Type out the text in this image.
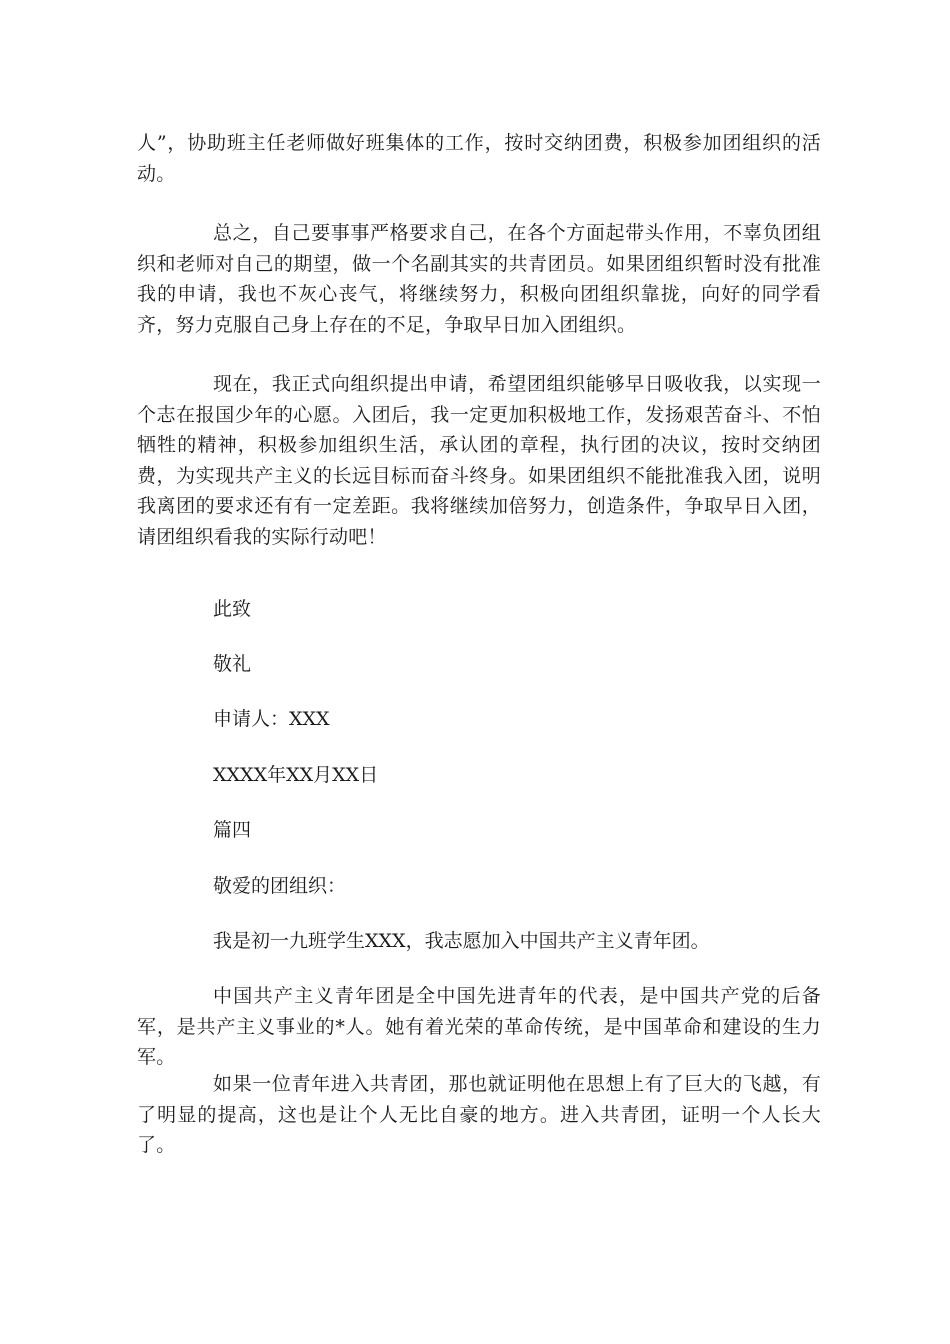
人”，协助班主任老师做好班集体的工作，按时交纳团费，积极参加团组织的活动。

总之，自己要事事严格要求自己，在各个方面起带头作用，不辜负团组织和老师对自己的期望，做一个名副其实的共青团员。如果团组织暂时没有批准我的申请，我也不灰心丧气，将继续努力，积极向团组织靠拢，向好的同学看齐，努力克服自己身上存在的不足，争取早日加入团组织。

现在，我正式向组织提出申请，希望团组织能够早日吸收我，以实现一个志在报国少年的心愿。入团后，我一定更加积极地工作，发扬艰苦奋斗、不怕牺牲的精神，积极参加组织生活，承认团的章程，执行团的决议，按时交纳团费，为实现共产主义的长远目标而奋斗终身。如果团组织不能批准我入团，说明我离团的要求还有有一定差距。我将继续加倍努力，创造条件，争取早日入团，请团组织看我的实际行动吧！

此致
敬礼
申请人：XXX
XXXX年XX月XX日
篇四
敬爱的团组织：
我是初一九班学生XXX，我志愿加入中国共产主义青年团。

中国共产主义青年团是全中国先进青年的代表，是中国共产党的后备军，是共产主义事业的*人。她有着光荣的革命传统，是中国革命和建设的生力军。

如果一位青年进入共青团，那也就证明他在思想上有了巨大的飞越，有了明显的提高，这也是让个人无比自豪的地方。进入共青团，证明一个人长大了。
